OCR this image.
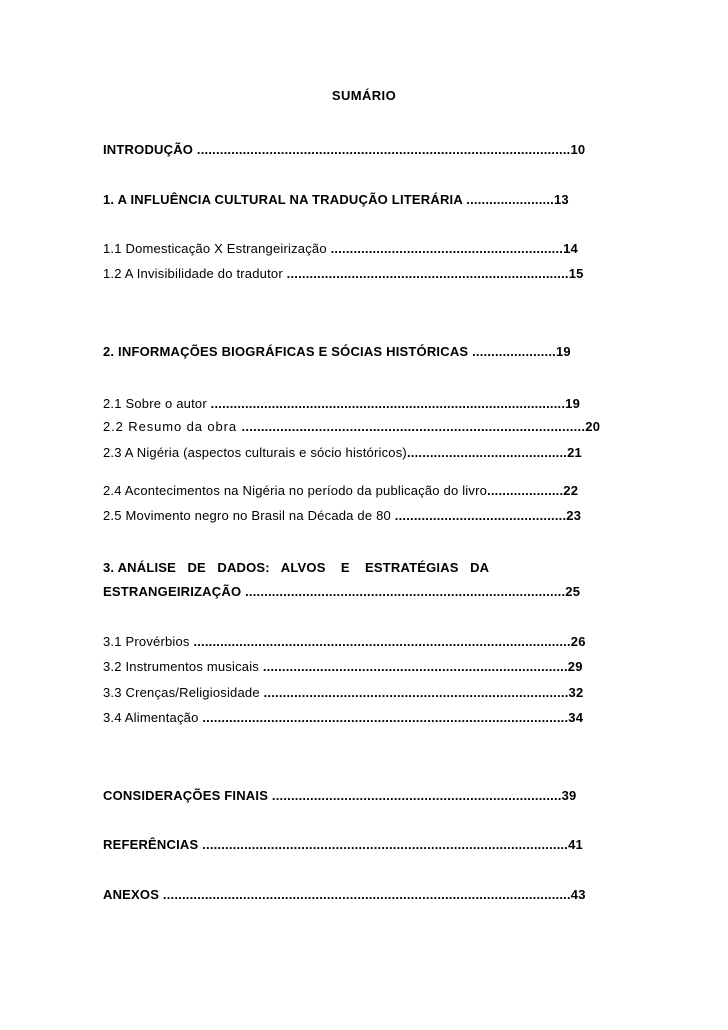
SUMÁRIO
INTRODUÇÃO ..................................................................................................10
1. A INFLUÊNCIA CULTURAL NA TRADUÇÃO LITERÁRIA .......................13
1.1 Domesticação X Estrangeirização .............................................................14
1.2 A Invisibilidade do tradutor ..........................................................................15
2. INFORMAÇÕES BIOGRÁFICAS E SÓCIAS HISTÓRICAS ......................19
2.1 Sobre o autor .............................................................................................19
2.2 Resumo da obra .........................................................................................20
2.3 A Nigéria (aspectos culturais e sócio históricos)..........................................21
2.4 Acontecimentos na Nigéria no período da publicação do livro....................22
2.5 Movimento negro no Brasil na Década de 80 .............................................23
3. ANÁLISE   DE   DADOS:   ALVOS    E    ESTRATÉGIAS   DA
ESTRANGEIRIZAÇÃO ....................................................................................25
3.1 Provérbios ...................................................................................................26
3.2 Instrumentos musicais ................................................................................29
3.3 Crenças/Religiosidade ................................................................................32
3.4 Alimentação ................................................................................................34
CONSIDERAÇÕES FINAIS ............................................................................39
REFERÊNCIAS ................................................................................................41
ANEXOS ...........................................................................................................43
